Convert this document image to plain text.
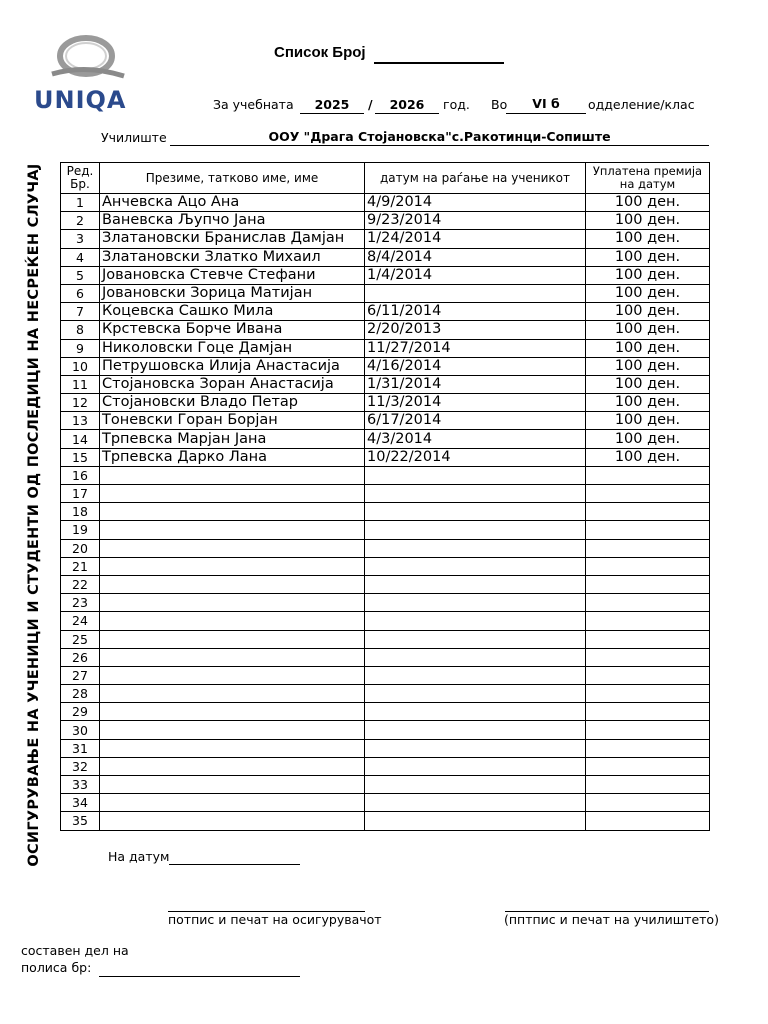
UNIQA
Список Број
За учебната	2025	/	2026	год. Во	VI б	одделение/клас
Училиште	ООУ "Драга Стојановска"с.Ракотинци-Сопиште
ОСИГУРУВАЊЕ НА УЧЕНИЦИ И СТУДЕНТИ ОД ПОСЛЕДИЦИ НА НЕСРЕЌЕН СЛУЧАЈ Ред. Бр.	Презиме, татково име, име	датум на раѓање на ученикот	Уплатена премија на датум
1	Анчевска Ацо Ана	4/9/2014	100 ден.
2	Ваневска Љупчо Јана	9/23/2014	100 ден.
3	Златановски Бранислав Дамјан	1/24/2014	100 ден.
4	Златановски Златко Михаил	8/4/2014	100 ден.
5	Јовановска Стевче Стефани	1/4/2014	100 ден.
6	Јовановски Зорица Матијан		100 ден.
7	Коцевска Сашко Мила	6/11/2014	100 ден.
8	Крстевска Борче Ивана	2/20/2013	100 ден.
9	Николовски Гоце Дамјан	11/27/2014	100 ден.
10	Петрушовска Илија Анастасија	4/16/2014	100 ден.
11	Стојановска Зоран Анастасија	1/31/2014	100 ден.
12	Стојановски Владо Петар	11/3/2014	100 ден.
13	Тоневски Горан Борјан	6/17/2014	100 ден.
14	Трпевска Марјан Јана	4/3/2014	100 ден.
15	Трпевска Дарко Лана	10/22/2014	100 ден.
16			
17			
18			
19			
20			
21			
22			
23			
24			
25			
26			
27			
28			
29			
30			
31			
32			
33			
34			
35			
На датум
потпис и печат на осигурувачот	(пптпис и печат на училиштето)
составен дел на
полиса бр:
